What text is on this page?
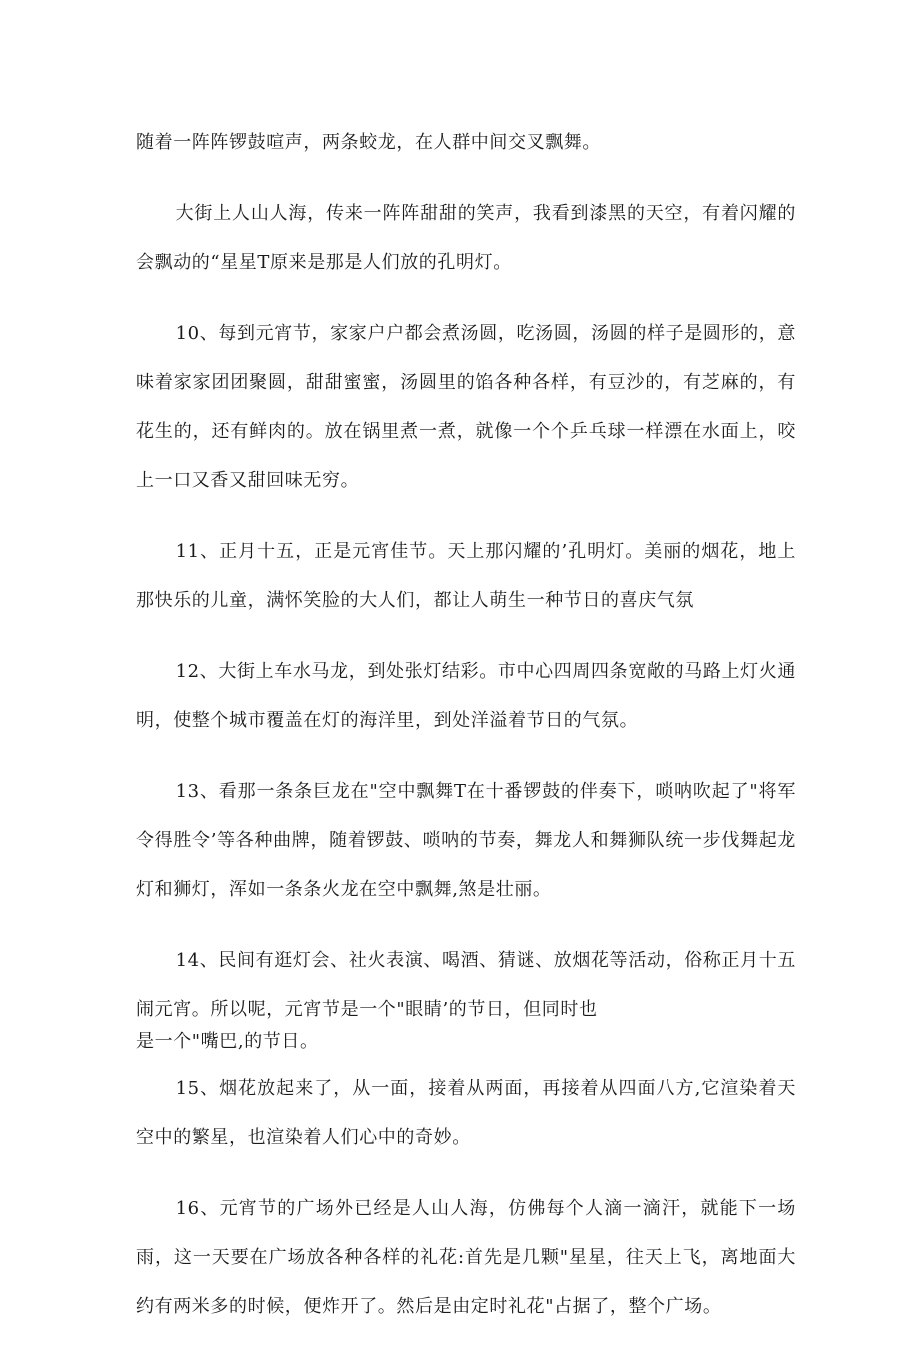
随着一阵阵锣鼓喧声，两条蛟龙，在人群中间交叉飘舞。

大街上人山人海，传来一阵阵甜甜的笑声，我看到漆黑的天空，有着闪耀的会飘动的“星星T原来是那是人们放的孔明灯。

10、每到元宵节，家家户户都会煮汤圆，吃汤圆，汤圆的样子是圆形的，意味着家家团团聚圆，甜甜蜜蜜，汤圆里的馅各种各样，有豆沙的，有芝麻的，有花生的，还有鲜肉的。放在锅里煮一煮，就像一个个乒乓球一样漂在水面上，咬上一口又香又甜回味无穷。

11、正月十五，正是元宵佳节。天上那闪耀的’孔明灯。美丽的烟花，地上那快乐的儿童，满怀笑脸的大人们，都让人萌生一种节日的喜庆气氛

12、大街上车水马龙，到处张灯结彩。市中心四周四条宽敞的马路上灯火通明，使整个城市覆盖在灯的海洋里，到处洋溢着节日的气氛。

13、看那一条条巨龙在"空中飘舞T在十番锣鼓的伴奏下，唢呐吹起了"将军令得胜令’等各种曲牌，随着锣鼓、唢呐的节奏，舞龙人和舞狮队统一步伐舞起龙灯和狮灯，浑如一条条火龙在空中飘舞,煞是壮丽。

14、民间有逛灯会、社火表演、喝酒、猜谜、放烟花等活动，俗称正月十五闹元宵。所以呢，元宵节是一个"眼睛’的节日，但同时也
是一个"嘴巴,的节日。

15、烟花放起来了，从一面，接着从两面，再接着从四面八方,它渲染着天空中的繁星，也渲染着人们心中的奇妙。

16、元宵节的广场外已经是人山人海，仿佛每个人滴一滴汗，就能下一场雨，这一天要在广场放各种各样的礼花:首先是几颗"星星，往天上飞，离地面大约有两米多的时候，便炸开了。然后是由定时礼花"占据了，整个广场。
